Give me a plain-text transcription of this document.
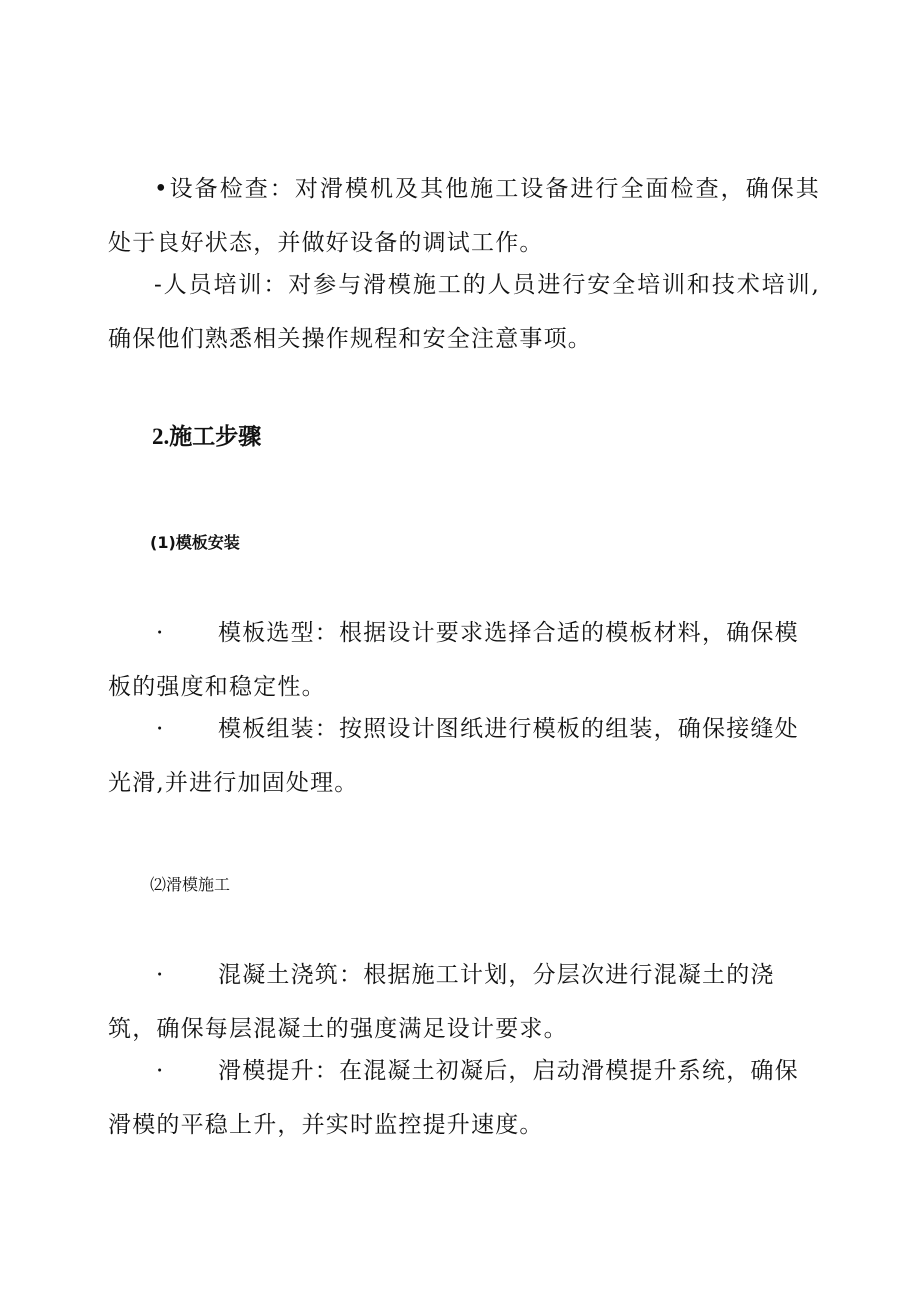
•设备检查：对滑模机及其他施工设备进行全面检查，确保其处于良好状态，并做好设备的调试工作。

-人员培训：对参与滑模施工的人员进行安全培训和技术培训,确保他们熟悉相关操作规程和安全注意事项。

2.施工步骤
(1)模板安装

· 模板选型：根据设计要求选择合适的模板材料，确保模板的强度和稳定性。

· 模板组装：按照设计图纸进行模板的组装，确保接缝处光滑,并进行加固处理。

⑵滑模施工

· 混凝土浇筑：根据施工计划，分层次进行混凝土的浇筑，确保每层混凝土的强度满足设计要求。

· 滑模提升：在混凝土初凝后，启动滑模提升系统，确保滑模的平稳上升，并实时监控提升速度。
